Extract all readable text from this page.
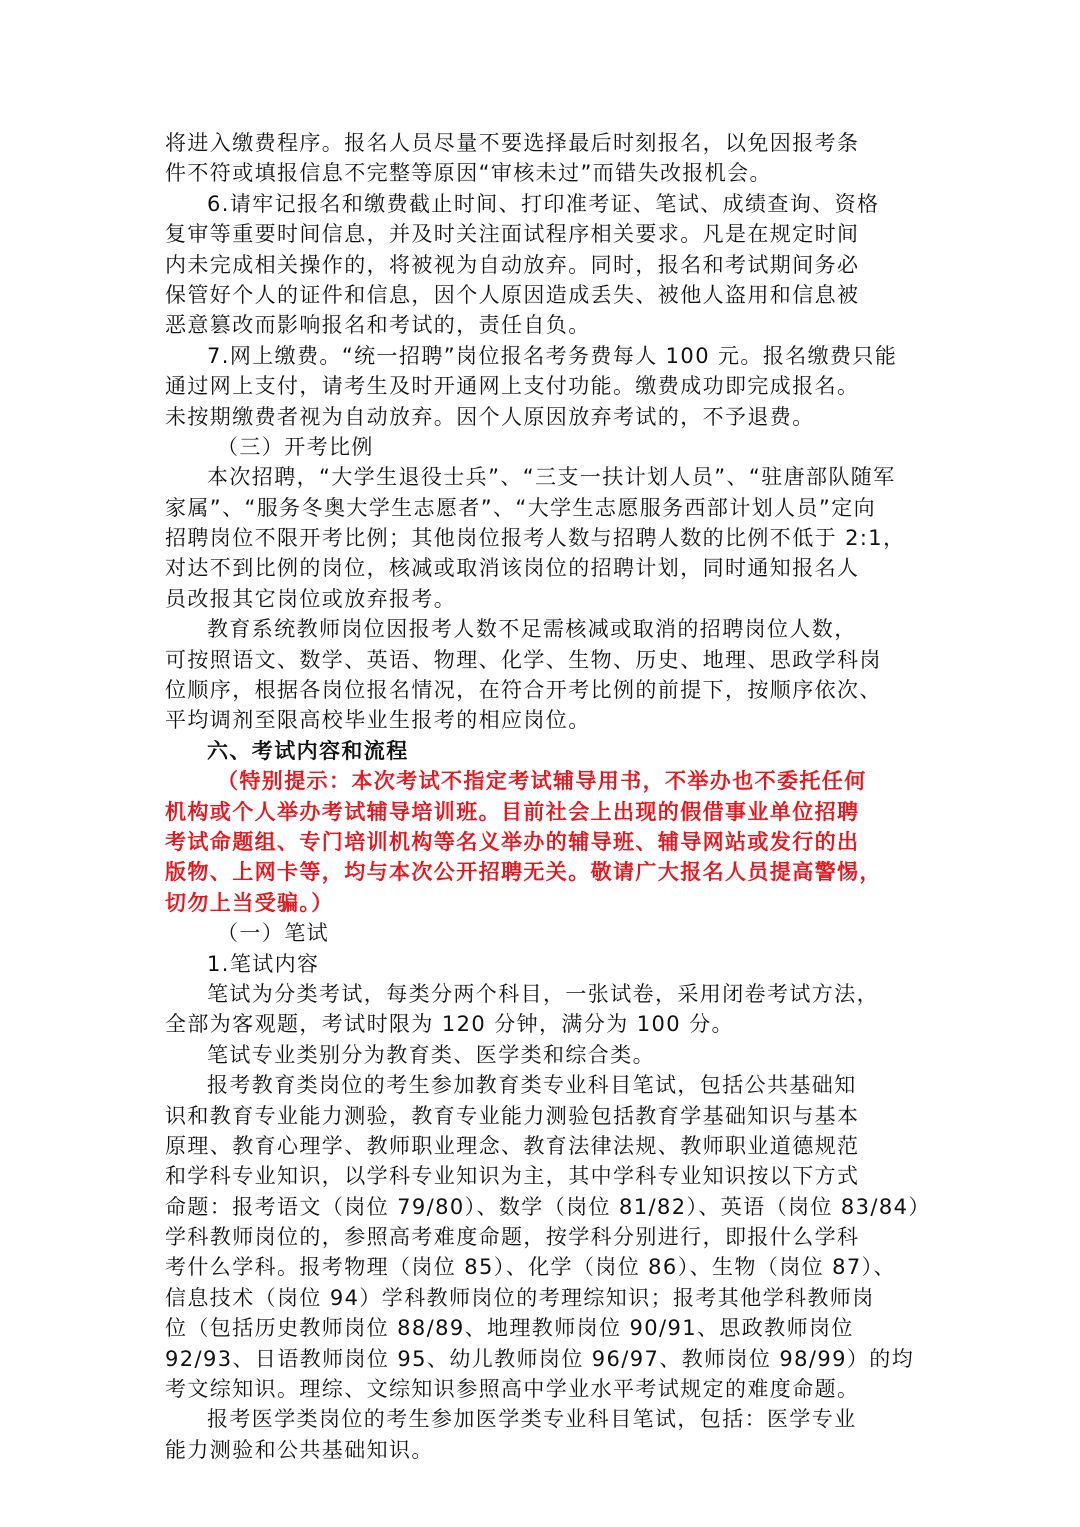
将进入缴费程序。报名人员尽量不要选择最后时刻报名，以免因报考条
件不符或填报信息不完整等原因“审核未过”而错失改报机会。
6.请牢记报名和缴费截止时间、打印准考证、笔试、成绩查询、资格
复审等重要时间信息，并及时关注面试程序相关要求。凡是在规定时间
内未完成相关操作的，将被视为自动放弃。同时，报名和考试期间务必
保管好个人的证件和信息，因个人原因造成丢失、被他人盗用和信息被
恶意篡改而影响报名和考试的，责任自负。
7.网上缴费。“统一招聘”岗位报名考务费每人 100 元。报名缴费只能
通过网上支付，请考生及时开通网上支付功能。缴费成功即完成报名。
未按期缴费者视为自动放弃。因个人原因放弃考试的，不予退费。
（三）开考比例
本次招聘，“大学生退役士兵”、“三支一扶计划人员”、“驻唐部队随军
家属”、“服务冬奥大学生志愿者”、“大学生志愿服务西部计划人员”定向
招聘岗位不限开考比例；其他岗位报考人数与招聘人数的比例不低于 2:1，
对达不到比例的岗位，核减或取消该岗位的招聘计划，同时通知报名人
员改报其它岗位或放弃报考。
教育系统教师岗位因报考人数不足需核减或取消的招聘岗位人数，
可按照语文、数学、英语、物理、化学、生物、历史、地理、思政学科岗
位顺序，根据各岗位报名情况，在符合开考比例的前提下，按顺序依次、
平均调剂至限高校毕业生报考的相应岗位。
六、考试内容和流程
（特别提示：本次考试不指定考试辅导用书，不举办也不委托任何
机构或个人举办考试辅导培训班。目前社会上出现的假借事业单位招聘
考试命题组、专门培训机构等名义举办的辅导班、辅导网站或发行的出
版物、上网卡等，均与本次公开招聘无关。敬请广大报名人员提高警惕，
切勿上当受骗。）
（一）笔试
1.笔试内容
笔试为分类考试，每类分两个科目，一张试卷，采用闭卷考试方法，
全部为客观题，考试时限为 120 分钟，满分为 100 分。
笔试专业类别分为教育类、医学类和综合类。
报考教育类岗位的考生参加教育类专业科目笔试，包括公共基础知
识和教育专业能力测验，教育专业能力测验包括教育学基础知识与基本
原理、教育心理学、教师职业理念、教育法律法规、教师职业道德规范
和学科专业知识，以学科专业知识为主，其中学科专业知识按以下方式
命题：报考语文（岗位 79/80）、数学（岗位 81/82）、英语（岗位 83/84）
学科教师岗位的，参照高考难度命题，按学科分别进行，即报什么学科
考什么学科。报考物理（岗位 85）、化学（岗位 86）、生物（岗位 87）、
信息技术（岗位 94）学科教师岗位的考理综知识；报考其他学科教师岗
位（包括历史教师岗位 88/89、地理教师岗位 90/91、思政教师岗位
92/93、日语教师岗位 95、幼儿教师岗位 96/97、教师岗位 98/99）的均
考文综知识。理综、文综知识参照高中学业水平考试规定的难度命题。
报考医学类岗位的考生参加医学类专业科目笔试，包括：医学专业
能力测验和公共基础知识。
